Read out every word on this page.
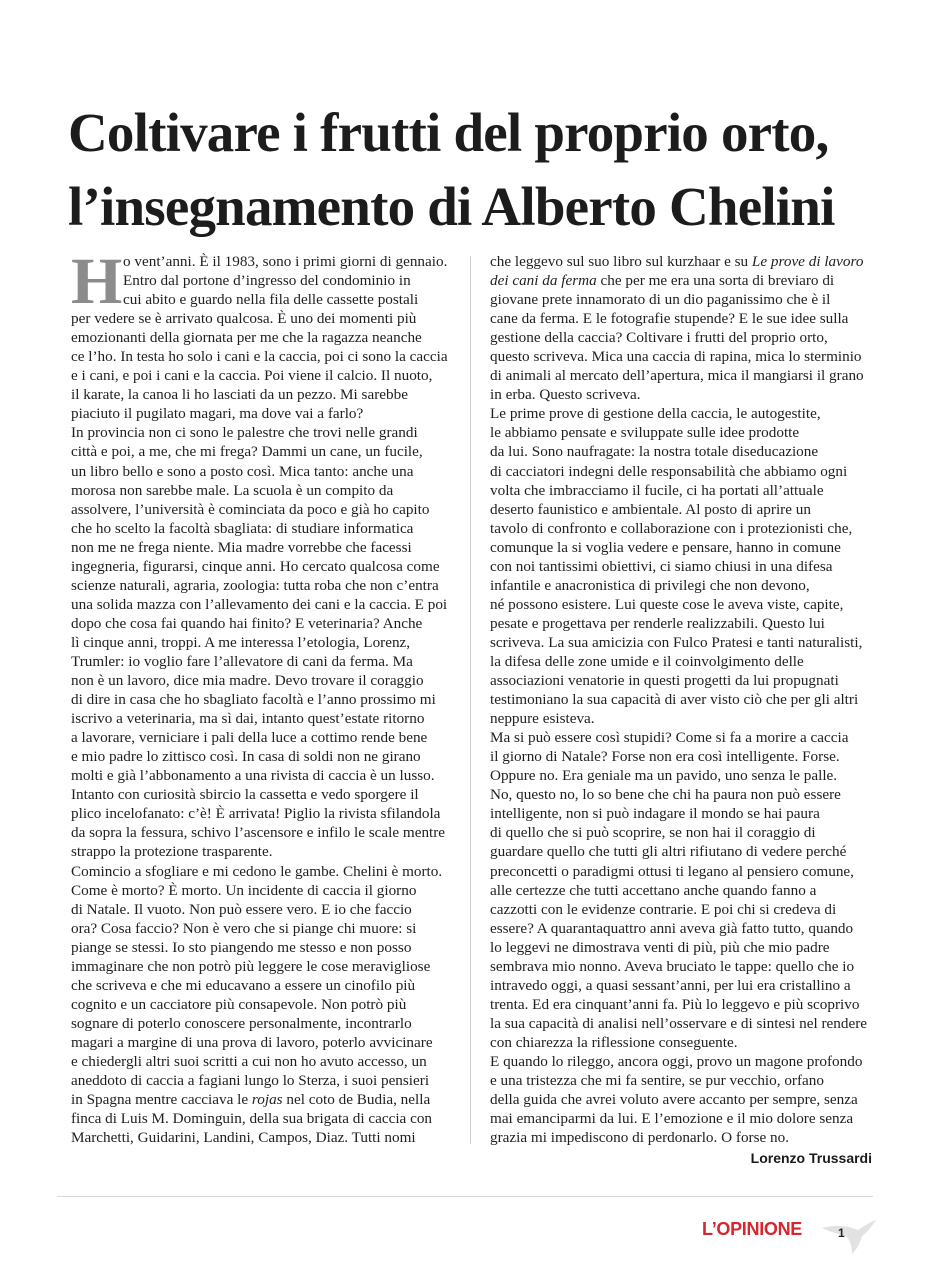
Coltivare i frutti del proprio orto,
l’insegnamento di Alberto Chelini
H o vent’anni. È il 1983, sono i primi giorni di gennaio.
Entro dal portone d’ingresso del condominio in
cui abito e guardo nella fila delle cassette postali
per vedere se è arrivato qualcosa. È uno dei momenti più
emozionanti della giornata per me che la ragazza neanche
ce l’ho. In testa ho solo i cani e la caccia, poi ci sono la caccia
e i cani, e poi i cani e la caccia. Poi viene il calcio. Il nuoto,
il karate, la canoa li ho lasciati da un pezzo. Mi sarebbe
piaciuto il pugilato magari, ma dove vai a farlo?

In provincia non ci sono le palestre che trovi nelle grandi
città e poi, a me, che mi frega? Dammi un cane, un fucile,
un libro bello e sono a posto così. Mica tanto: anche una
morosa non sarebbe male. La scuola è un compito da
assolvere, l’università è cominciata da poco e già ho capito
che ho scelto la facoltà sbagliata: di studiare informatica
non me ne frega niente. Mia madre vorrebbe che facessi
ingegneria, figurarsi, cinque anni. Ho cercato qualcosa come
scienze naturali, agraria, zoologia: tutta roba che non c’entra
una solida mazza con l’allevamento dei cani e la caccia. E poi
dopo che cosa fai quando hai finito? E veterinaria? Anche
lì cinque anni, troppi. A me interessa l’etologia, Lorenz,
Trumler: io voglio fare l’allevatore di cani da ferma. Ma
non è un lavoro, dice mia madre. Devo trovare il coraggio
di dire in casa che ho sbagliato facoltà e l’anno prossimo mi
iscrivo a veterinaria, ma sì dai, intanto quest’estate ritorno
a lavorare, verniciare i pali della luce a cottimo rende bene
e mio padre lo zittisco così. In casa di soldi non ne girano
molti e già l’abbonamento a una rivista di caccia è un lusso.
Intanto con curiosità sbircio la cassetta e vedo sporgere il
plico incelofanato: c’è! È arrivata! Piglio la rivista sfilandola
da sopra la fessura, schivo l’ascensore e infilo le scale mentre
strappo la protezione trasparente.

Comincio a sfogliare e mi cedono le gambe. Chelini è morto.
Come è morto? È morto. Un incidente di caccia il giorno
di Natale. Il vuoto. Non può essere vero. E io che faccio
ora? Cosa faccio? Non è vero che si piange chi muore: si
piange se stessi. Io sto piangendo me stesso e non posso
immaginare che non potrò più leggere le cose meravigliose
che scriveva e che mi educavano a essere un cinofilo più
cognito e un cacciatore più consapevole. Non potrò più
sognare di poterlo conoscere personalmente, incontrarlo
magari a margine di una prova di lavoro, poterlo avvicinare
e chiedergli altri suoi scritti a cui non ho avuto accesso, un
aneddoto di caccia a fagiani lungo lo Sterza, i suoi pensieri
in Spagna mentre cacciava le rojas nel coto de Budia, nella
finca di Luis M. Dominguin, della sua brigata di caccia con
Marchetti, Guidarini, Landini, Campos, Diaz. Tutti nomi

che leggevo sul suo libro sul kurzhaar e su Le prove di lavoro
dei cani da ferma che per me era una sorta di breviaro di
giovane prete innamorato di un dio paganissimo che è il
cane da ferma. E le fotografie stupende? E le sue idee sulla
gestione della caccia? Coltivare i frutti del proprio orto,
questo scriveva. Mica una caccia di rapina, mica lo sterminio
di animali al mercato dell’apertura, mica il mangiarsi il grano
in erba. Questo scriveva.

Le prime prove di gestione della caccia, le autogestite,
le abbiamo pensate e sviluppate sulle idee prodotte
da lui. Sono naufragate: la nostra totale diseducazione
di cacciatori indegni delle responsabilità che abbiamo ogni
volta che imbracciamo il fucile, ci ha portati all’attuale
deserto faunistico e ambientale. Al posto di aprire un
tavolo di confronto e collaborazione con i protezionisti che,
comunque la si voglia vedere e pensare, hanno in comune
con noi tantissimi obiettivi, ci siamo chiusi in una difesa
infantile e anacronistica di privilegi che non devono,
né possono esistere. Lui queste cose le aveva viste, capite,
pesate e progettava per renderle realizzabili. Questo lui
scriveva. La sua amicizia con Fulco Pratesi e tanti naturalisti,
la difesa delle zone umide e il coinvolgimento delle
associazioni venatorie in questi progetti da lui propugnati
testimoniano la sua capacità di aver visto ciò che per gli altri
neppure esisteva.

Ma si può essere così stupidi? Come si fa a morire a caccia
il giorno di Natale? Forse non era così intelligente. Forse.
Oppure no. Era geniale ma un pavido, uno senza le palle.
No, questo no, lo so bene che chi ha paura non può essere
intelligente, non si può indagare il mondo se hai paura
di quello che si può scoprire, se non hai il coraggio di
guardare quello che tutti gli altri rifiutano di vedere perché
preconcetti o paradigmi ottusi ti legano al pensiero comune,
alle certezze che tutti accettano anche quando fanno a
cazzotti con le evidenze contrarie. E poi chi si credeva di
essere? A quarantaquattro anni aveva già fatto tutto, quando
lo leggevi ne dimostrava venti di più, più che mio padre
sembrava mio nonno. Aveva bruciato le tappe: quello che io
intravedo oggi, a quasi sessant’anni, per lui era cristallino a
trenta. Ed era cinquant’anni fa. Più lo leggevo e più scoprivo
la sua capacità di analisi nell’osservare e di sintesi nel rendere
con chiarezza la riflessione conseguente.

E quando lo rileggo, ancora oggi, provo un magone profondo
e una tristezza che mi fa sentire, se pur vecchio, orfano
della guida che avrei voluto avere accanto per sempre, senza
mai emanciparmi da lui. E l’emozione e il mio dolore senza
grazia mi impediscono di perdonarlo. O forse no.

Lorenzo Trussardi
L’OPINIONE	1
